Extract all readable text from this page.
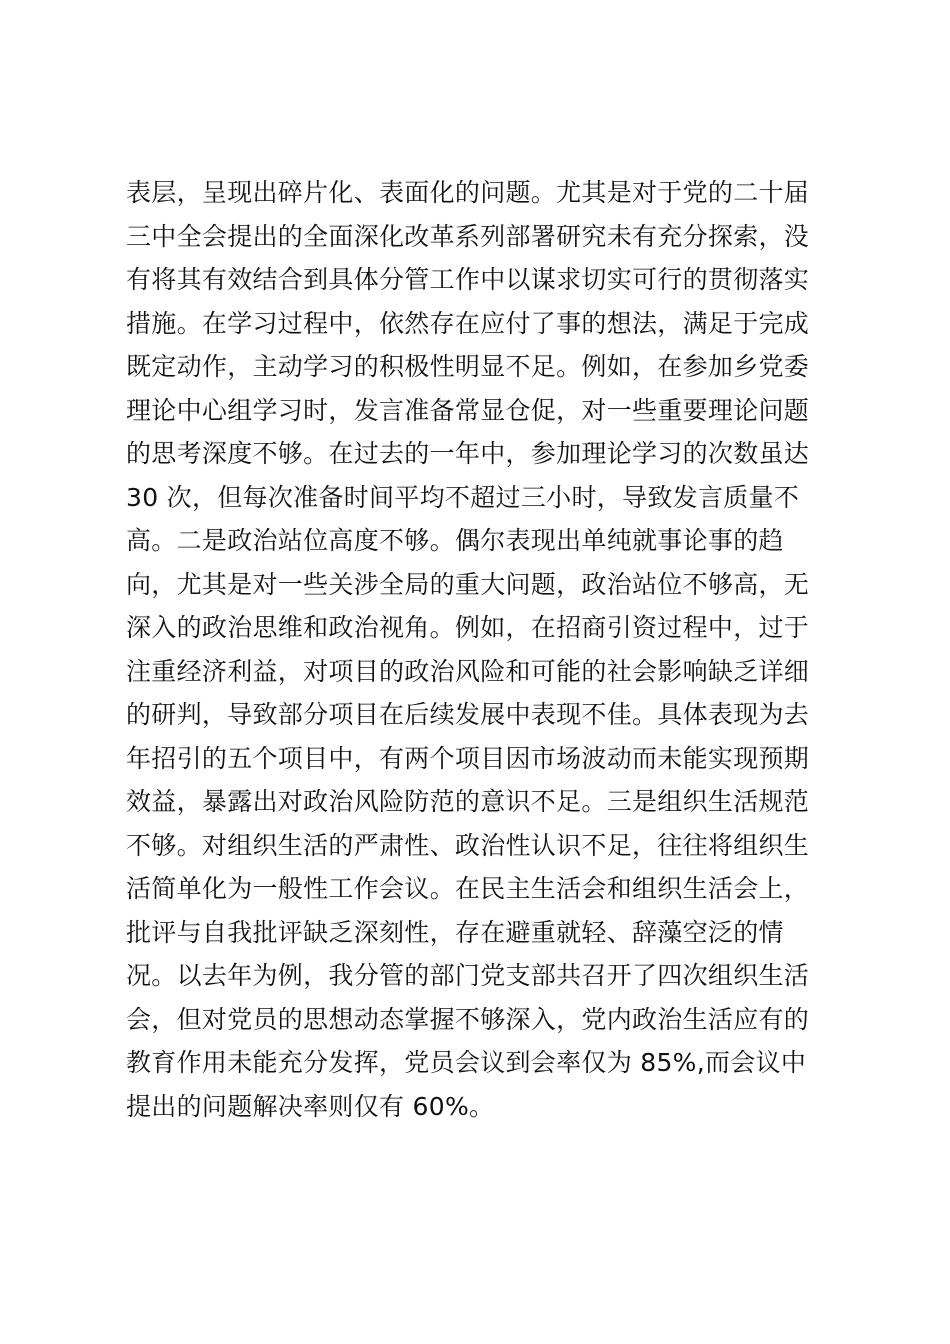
表层，呈现出碎片化、表面化的问题。尤其是对于党的二十届
三中全会提出的全面深化改革系列部署研究未有充分探索，没
有将其有效结合到具体分管工作中以谋求切实可行的贯彻落实
措施。在学习过程中，依然存在应付了事的想法，满足于完成
既定动作，主动学习的积极性明显不足。例如，在参加乡党委
理论中心组学习时，发言准备常显仓促，对一些重要理论问题
的思考深度不够。在过去的一年中，参加理论学习的次数虽达
30 次，但每次准备时间平均不超过三小时，导致发言质量不
高。二是政治站位高度不够。偶尔表现出单纯就事论事的趋
向，尤其是对一些关涉全局的重大问题，政治站位不够高，无
深入的政治思维和政治视角。例如，在招商引资过程中，过于
注重经济利益，对项目的政治风险和可能的社会影响缺乏详细
的研判，导致部分项目在后续发展中表现不佳。具体表现为去
年招引的五个项目中，有两个项目因市场波动而未能实现预期
效益，暴露出对政治风险防范的意识不足。三是组织生活规范
不够。对组织生活的严肃性、政治性认识不足，往往将组织生
活简单化为一般性工作会议。在民主生活会和组织生活会上，
批评与自我批评缺乏深刻性，存在避重就轻、辞藻空泛的情
况。以去年为例，我分管的部门党支部共召开了四次组织生活
会，但对党员的思想动态掌握不够深入，党内政治生活应有的
教育作用未能充分发挥，党员会议到会率仅为 85%,而会议中
提出的问题解决率则仅有 60%。
